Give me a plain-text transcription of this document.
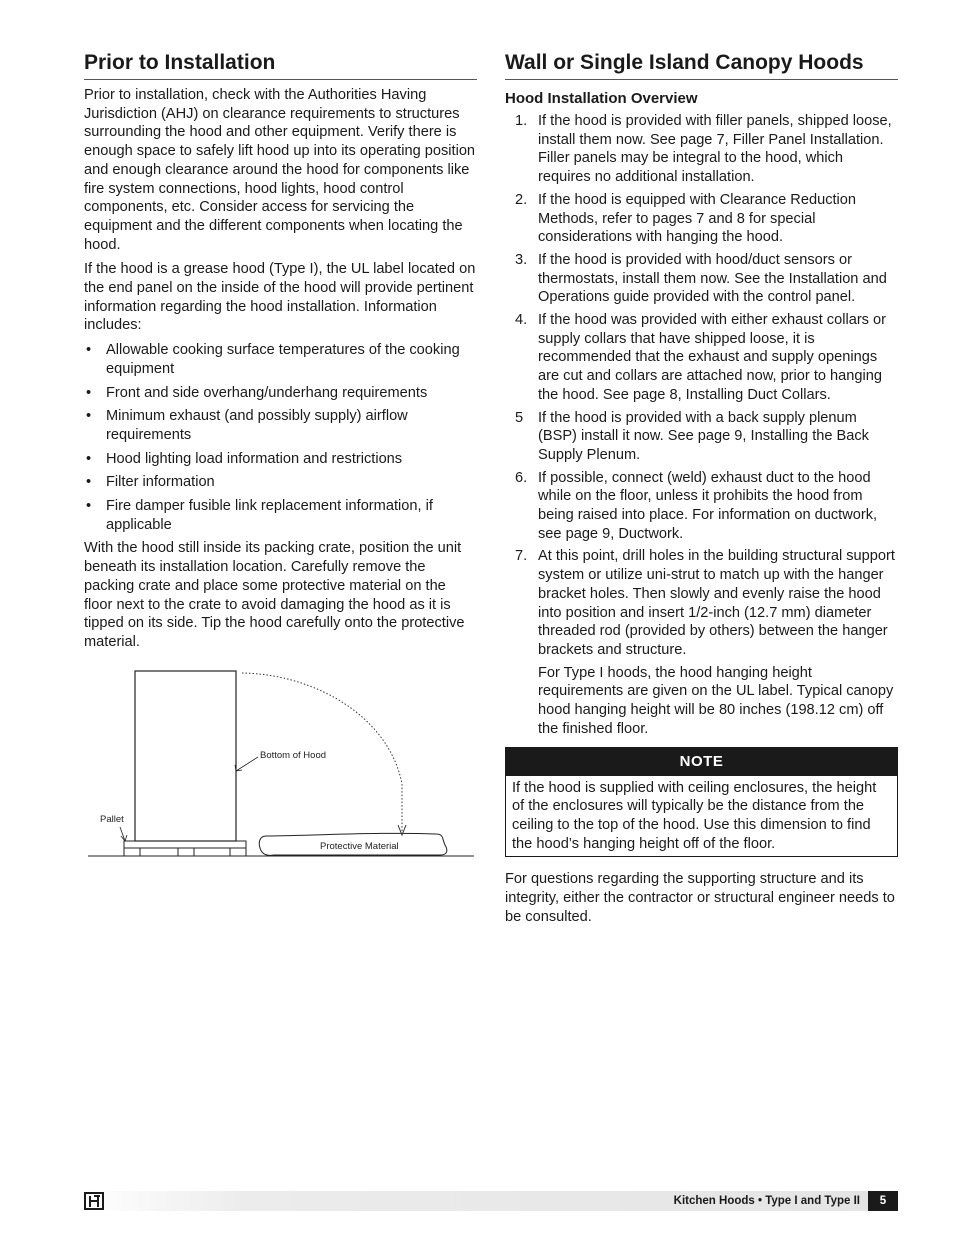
Prior to Installation

Prior to installation, check with the Authorities Having Jurisdiction (AHJ) on clearance requirements to structures surrounding the hood and other equipment. Verify there is enough space to safely lift hood up into its operating position and enough clearance around the hood for components like fire system connections, hood lights, hood control components, etc. Consider access for servicing the equipment and the different components when locating the hood.

If the hood is a grease hood (Type I), the UL label located on the end panel on the inside of the hood will provide pertinent information regarding the hood installation. Information includes:

• Allowable cooking surface temperatures of the cooking equipment
• Front and side overhang/underhang requirements
• Minimum exhaust (and possibly supply) airflow requirements
• Hood lighting load information and restrictions
• Filter information
• Fire damper fusible link replacement information, if applicable

With the hood still inside its packing crate, position the unit beneath its installation location. Carefully remove the packing crate and place some protective material on the floor next to the crate to avoid damaging the hood as it is tipped on its side. Tip the hood carefully onto the protective material.

Bottom of Hood
Pallet
Protective Material
Wall or Single Island Canopy Hoods
Hood Installation Overview
1. If the hood is provided with filler panels, shipped loose, install them now. See page 7, Filler Panel Installation. Filler panels may be integral to the hood, which requires no additional installation.
2. If the hood is equipped with Clearance Reduction Methods, refer to pages 7 and 8 for special considerations with hanging the hood.
3. If the hood is provided with hood/duct sensors or thermostats, install them now. See the Installation and Operations guide provided with the control panel.
4. If the hood was provided with either exhaust collars or supply collars that have shipped loose, it is recommended that the exhaust and supply openings are cut and collars are attached now, prior to hanging the hood. See page 8, Installing Duct Collars.
5 If the hood is provided with a back supply plenum (BSP) install it now. See page 9, Installing the Back Supply Plenum.
6. If possible, connect (weld) exhaust duct to the hood while on the floor, unless it prohibits the hood from being raised into place. For information on ductwork, see page 9, Ductwork.
7. At this point, drill holes in the building structural support system or utilize uni-strut to match up with the hanger bracket holes. Then slowly and evenly raise the hood into position and insert 1/2-inch (12.7 mm) diameter threaded rod (provided by others) between the hanger brackets and structure.
For Type I hoods, the hood hanging height requirements are given on the UL label. Typical canopy hood hanging height will be 80 inches (198.12 cm) off the finished floor.
NOTE
If the hood is supplied with ceiling enclosures, the height of the enclosures will typically be the distance from the ceiling to the top of the hood. Use this dimension to find the hood’s hanging height off of the floor.

For questions regarding the supporting structure and its integrity, either the contractor or structural engineer needs to be consulted.

Kitchen Hoods • Type I and Type II	5
